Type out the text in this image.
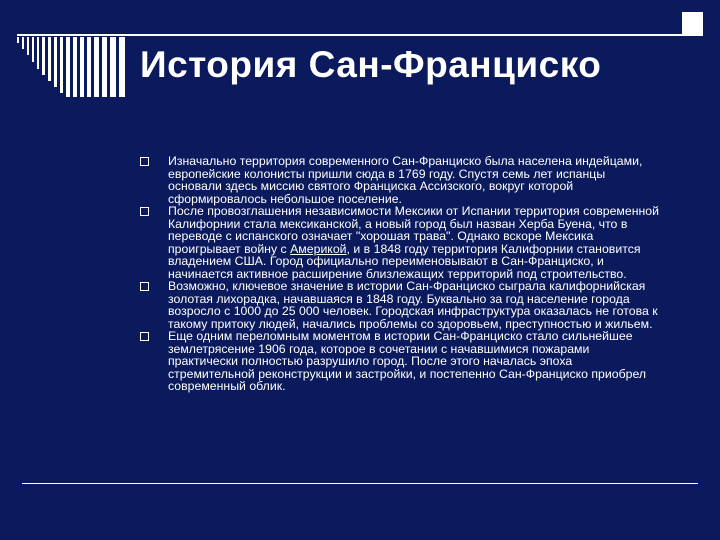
История Сан-Франциско
Изначально территория современного Сан-Франциско была населена индейцами, европейские колонисты пришли сюда в 1769 году. Спустя семь лет испанцы основали здесь миссию святого Франциска Ассизского, вокруг которой сформировалось небольшое поселение.
После провозглашения независимости Мексики от Испании территория современной Калифорнии стала мексиканской, а новый город был назван Херба Буена, что в переводе с испанского означает "хорошая трава". Однако вскоре Мексика проигрывает войну с Америкой, и в 1848 году территория Калифорнии становится владением США. Город официально переименовывают в Сан-Франциско, и начинается активное расширение близлежащих территорий под строительство.
Возможно, ключевое значение в истории Сан-Франциско сыграла калифорнийская золотая лихорадка, начавшаяся в 1848 году. Буквально за год население города возросло с 1000 до 25 000 человек. Городская инфраструктура оказалась не готова к такому притоку людей, начались проблемы со здоровьем, преступностью и жильем.
Еще одним переломным моментом в истории Сан-Франциско стало сильнейшее землетрясение 1906 года, которое в сочетании с начавшимися пожарами практически полностью разрушило город. После этого началась эпоха стремительной реконструкции и застройки, и постепенно Сан-Франциско приобрел современный облик.
